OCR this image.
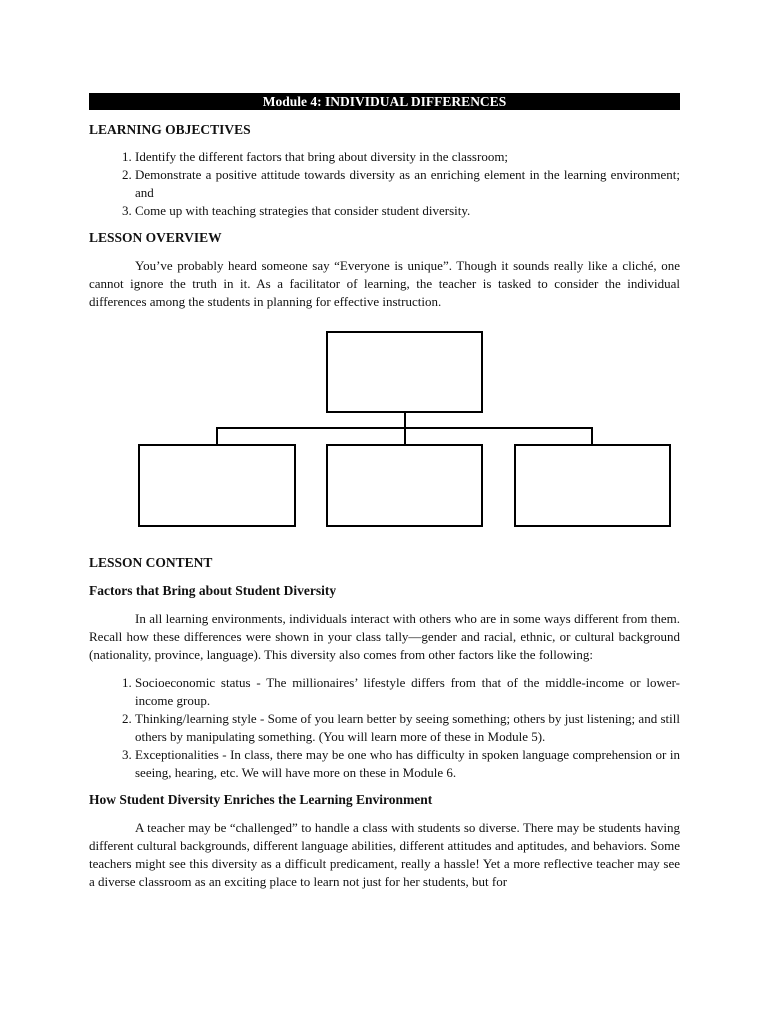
Module 4: INDIVIDUAL DIFFERENCES
LEARNING OBJECTIVES
1. Identify the different factors that bring about diversity in the classroom;
2. Demonstrate a positive attitude towards diversity as an enriching element in the learning environment; and
3. Come up with teaching strategies that consider student diversity.
LESSON OVERVIEW

You’ve probably heard someone say “Everyone is unique”. Though it sounds really like a cliché, one cannot ignore the truth in it. As a facilitator of learning, the teacher is tasked to consider the individual differences among the students in planning for effective instruction.

LESSON CONTENT
Factors that Bring about Student Diversity

In all learning environments, individuals interact with others who are in some ways different from them. Recall how these differences were shown in your class tally—gender and racial, ethnic, or cultural background (nationality, province, language). This diversity also comes from other factors like the following:

1. Socioeconomic status - The millionaires’ lifestyle differs from that of the middle-income or lower-income group.
2. Thinking/learning style - Some of you learn better by seeing something; others by just listening; and still others by manipulating something. (You will learn more of these in Module 5).
3. Exceptionalities - In class, there may be one who has difficulty in spoken language comprehension or in seeing, hearing, etc. We will have more on these in Module 6.
How Student Diversity Enriches the Learning Environment

A teacher may be “challenged” to handle a class with students so diverse. There may be students having different cultural backgrounds, different language abilities, different attitudes and aptitudes, and behaviors. Some teachers might see this diversity as a difficult predicament, really a hassle! Yet a more reflective teacher may see a diverse classroom as an exciting place to learn not just for her students, but for
